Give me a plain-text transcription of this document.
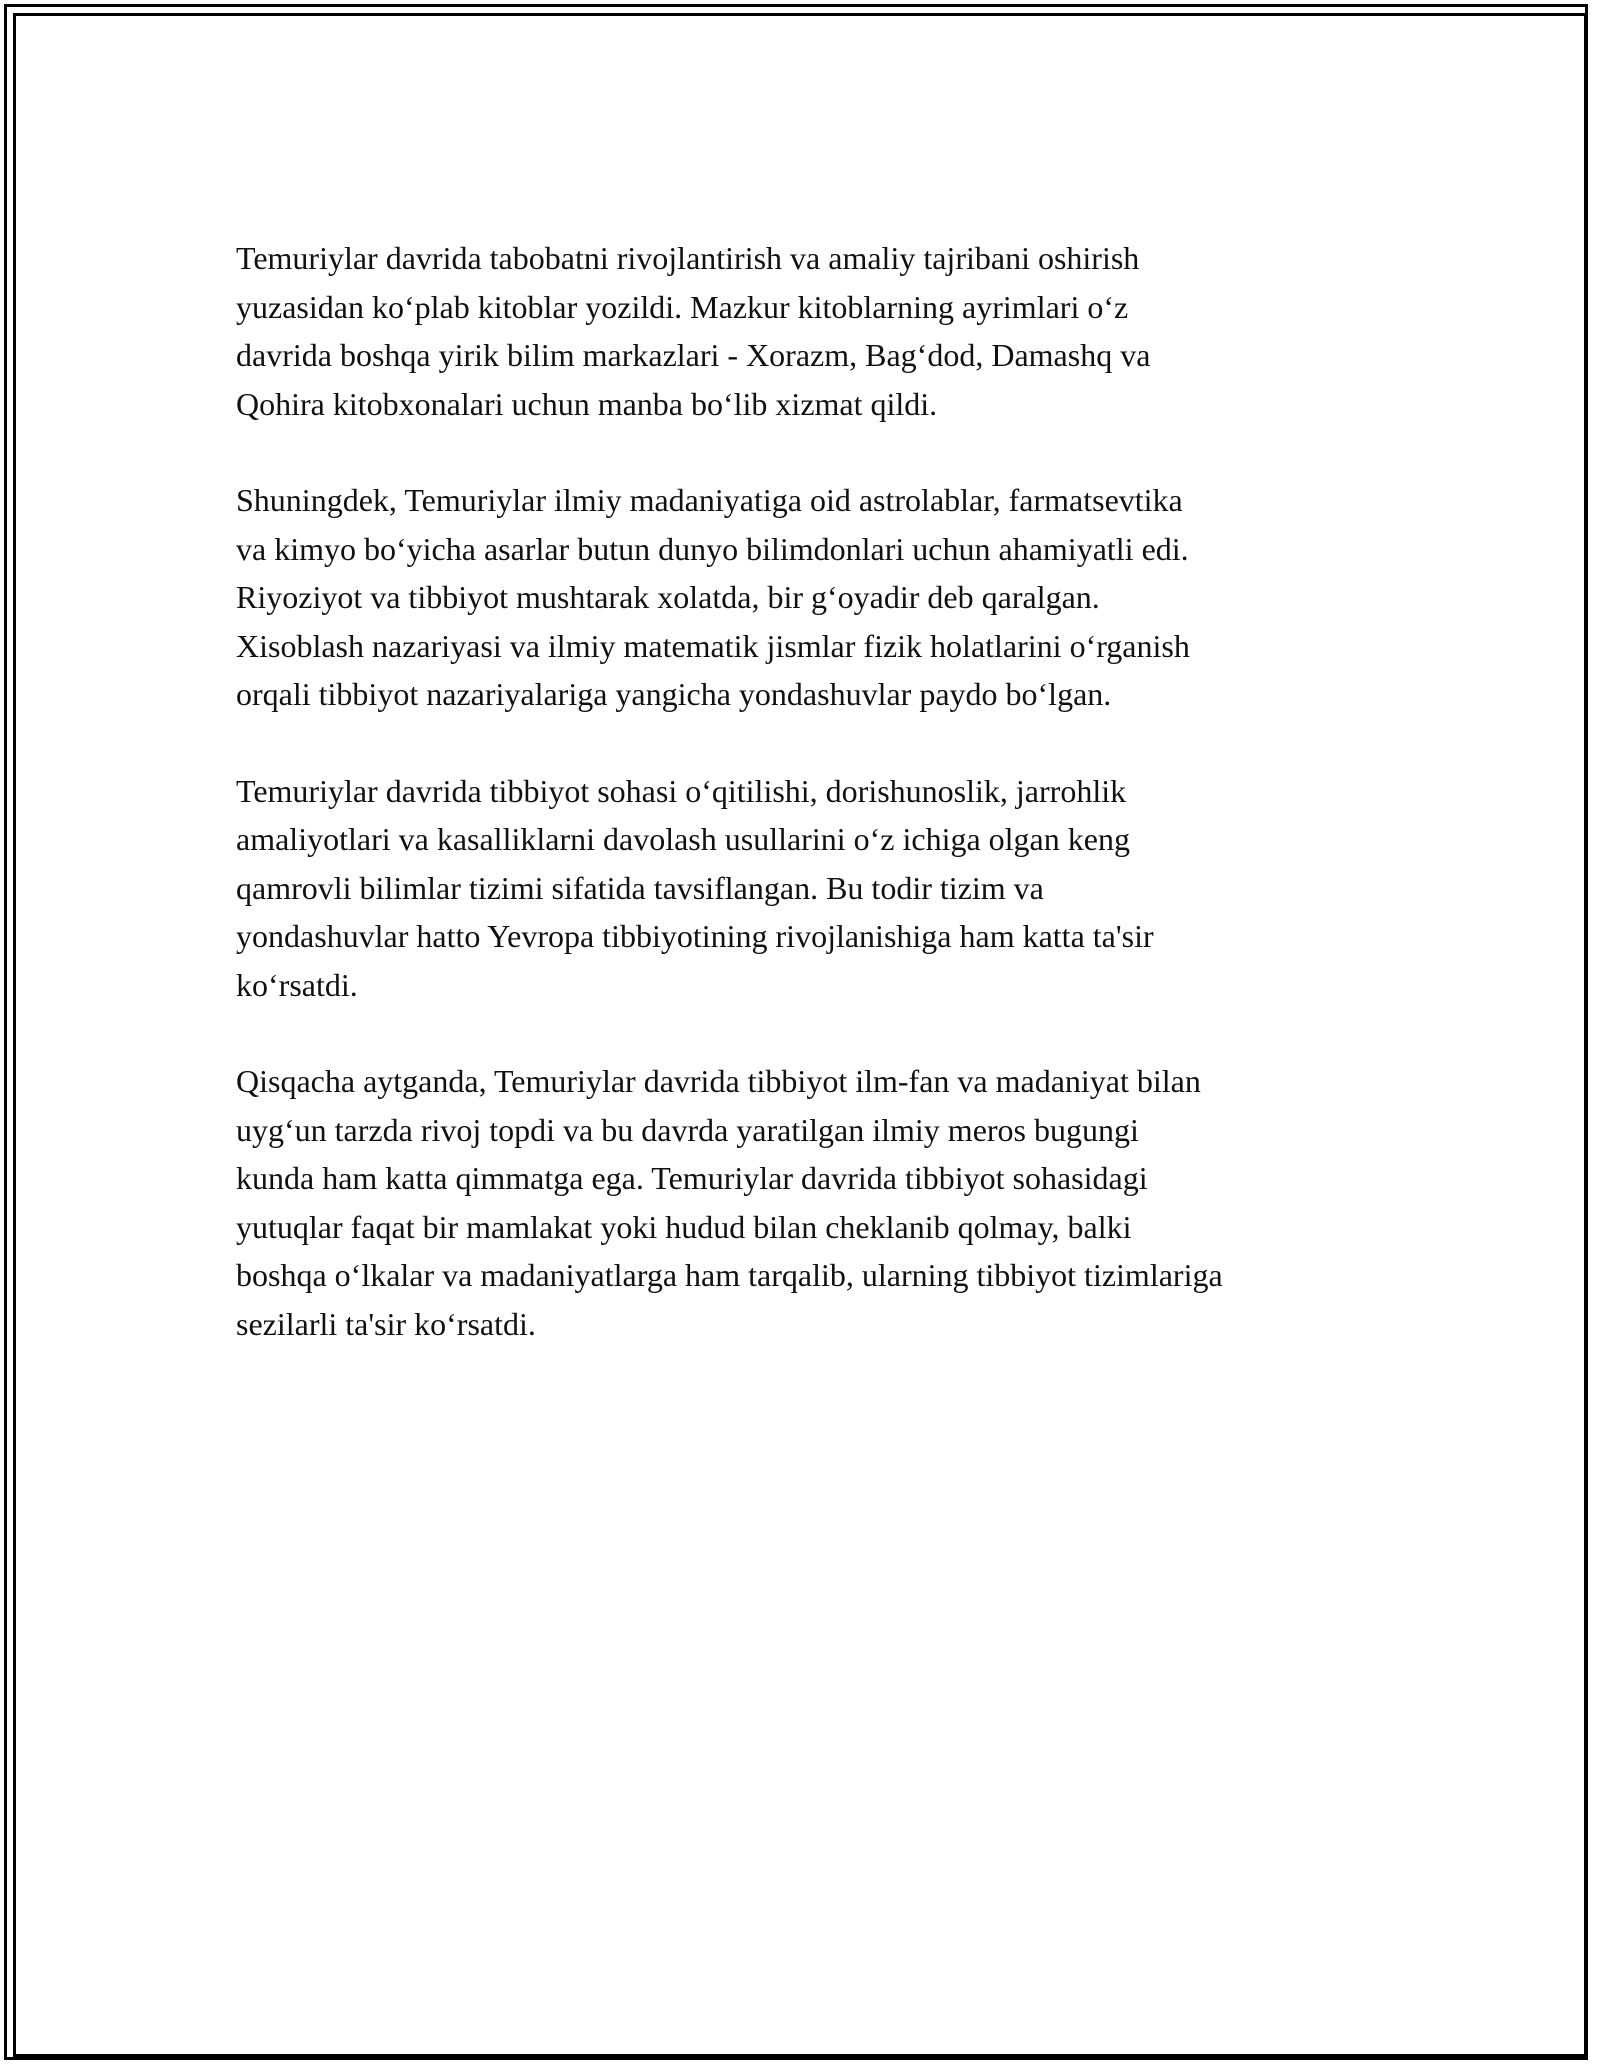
Temuriylar davrida tabobatni rivojlantirish va amaliy tajribani oshirish
yuzasidan ko‘plab kitoblar yozildi. Mazkur kitoblarning ayrimlari o‘z
davrida boshqa yirik bilim markazlari - Xorazm, Bag‘dod, Damashq va
Qohira kitobxonalari uchun manba bo‘lib xizmat qildi.

Shuningdek, Temuriylar ilmiy madaniyatiga oid astrolablar, farmatsevtika
va kimyo bo‘yicha asarlar butun dunyo bilimdonlari uchun ahamiyatli edi.
Riyoziyot va tibbiyot mushtarak xolatda, bir g‘oyadir deb qaralgan.
Xisoblash nazariyasi va ilmiy matematik jismlar fizik holatlarini o‘rganish
orqali tibbiyot nazariyalariga yangicha yondashuvlar paydo bo‘lgan.

Temuriylar davrida tibbiyot sohasi o‘qitilishi, dorishunoslik, jarrohlik
amaliyotlari va kasalliklarni davolash usullarini o‘z ichiga olgan keng
qamrovli bilimlar tizimi sifatida tavsiflangan. Bu todir tizim va
yondashuvlar hatto Yevropa tibbiyotining rivojlanishiga ham katta ta'sir
ko‘rsatdi.

Qisqacha aytganda, Temuriylar davrida tibbiyot ilm-fan va madaniyat bilan
uyg‘un tarzda rivoj topdi va bu davrda yaratilgan ilmiy meros bugungi
kunda ham katta qimmatga ega. Temuriylar davrida tibbiyot sohasidagi
yutuqlar faqat bir mamlakat yoki hudud bilan cheklanib qolmay, balki
boshqa o‘lkalar va madaniyatlarga ham tarqalib, ularning tibbiyot tizimlariga
sezilarli ta'sir ko‘rsatdi.
